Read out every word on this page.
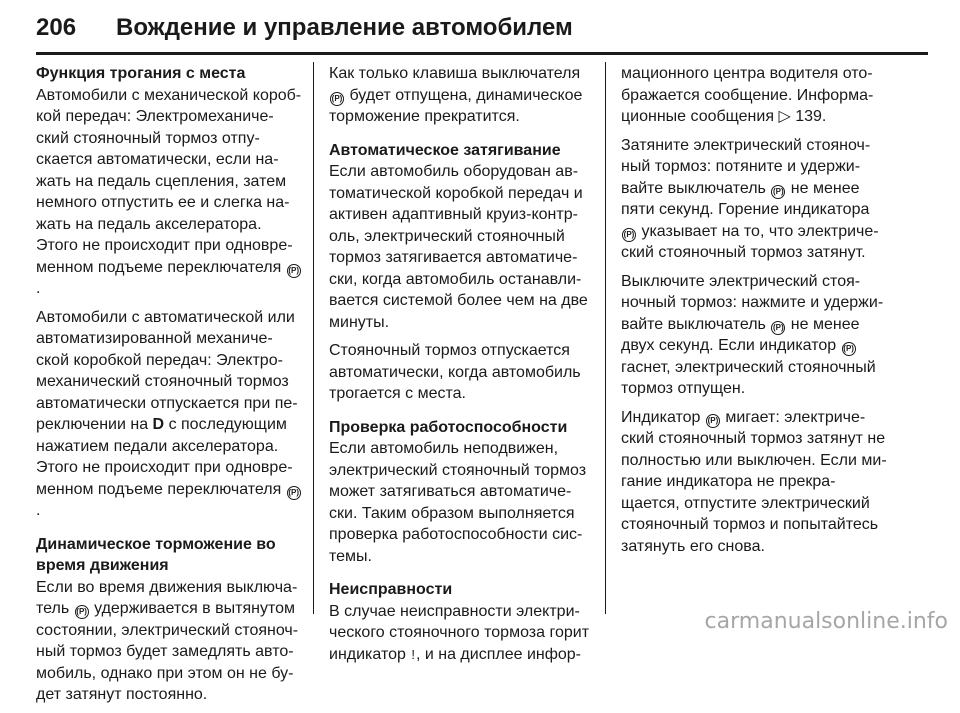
206 Вождение и управление автомобилем
Функция трогания с места

Автомобили с механической короб-кой передач: Электромеханиче-ский стояночный тормоз отпу-скается автоматически, если на-жать на педаль сцепления, затем немного отпустить ее и слегка на-жать на педаль акселератора. Этого не происходит при одновре-менном подъеме переключателя (P).

Автомобили с автоматической или автоматизированной механиче-ской коробкой передач: Электро-механический стояночный тормоз автоматически отпускается при пе-реключении на D с последующим нажатием педали акселератора. Этого не происходит при одновре-менном подъеме переключателя (P).

Динамическое торможение во время движения

Если во время движения выключа-тель (P) удерживается в вытянутом состоянии, электрический стояноч-ный тормоз будет замедлять авто-мобиль, однако при этом он не бу-дет затянут постоянно.

Как только клавиша выключателя (P) будет отпущена, динамическое торможение прекратится.

Автоматическое затягивание

Если автомобиль оборудован ав-томатической коробкой передач и активен адаптивный круиз-контр-оль, электрический стояночный тормоз затягивается автоматиче-ски, когда автомобиль останавли-вается системой более чем на две минуты.

Стояночный тормоз отпускается автоматически, когда автомобиль трогается с места.

Проверка работоспособности

Если автомобиль неподвижен, электрический стояночный тормоз может затягиваться автоматиче-ски. Таким образом выполняется проверка работоспособности сис-темы.

Неисправности

В случае неисправности электри-ческого стояночного тормоза горит индикатор !, и на дисплее инфор-

мационного центра водителя ото-бражается сообщение. Информа-ционные сообщения ▷ 139.

Затяните электрический стояноч-ный тормоз: потяните и удержи-вайте выключатель (P) не менее пяти секунд. Горение индикатора (P) указывает на то, что электриче-ский стояночный тормоз затянут.

Выключите электрический стоя-ночный тормоз: нажмите и удержи-вайте выключатель (P) не менее двух секунд. Если индикатор (P) гаснет, электрический стояночный тормоз отпущен.

Индикатор (P) мигает: электриче-ский стояночный тормоз затянут не полностью или выключен. Если ми-гание индикатора не прекра-щается, отпустите электрический стояночный тормоз и попытайтесь затянуть его снова.

carmanualsonline.info
